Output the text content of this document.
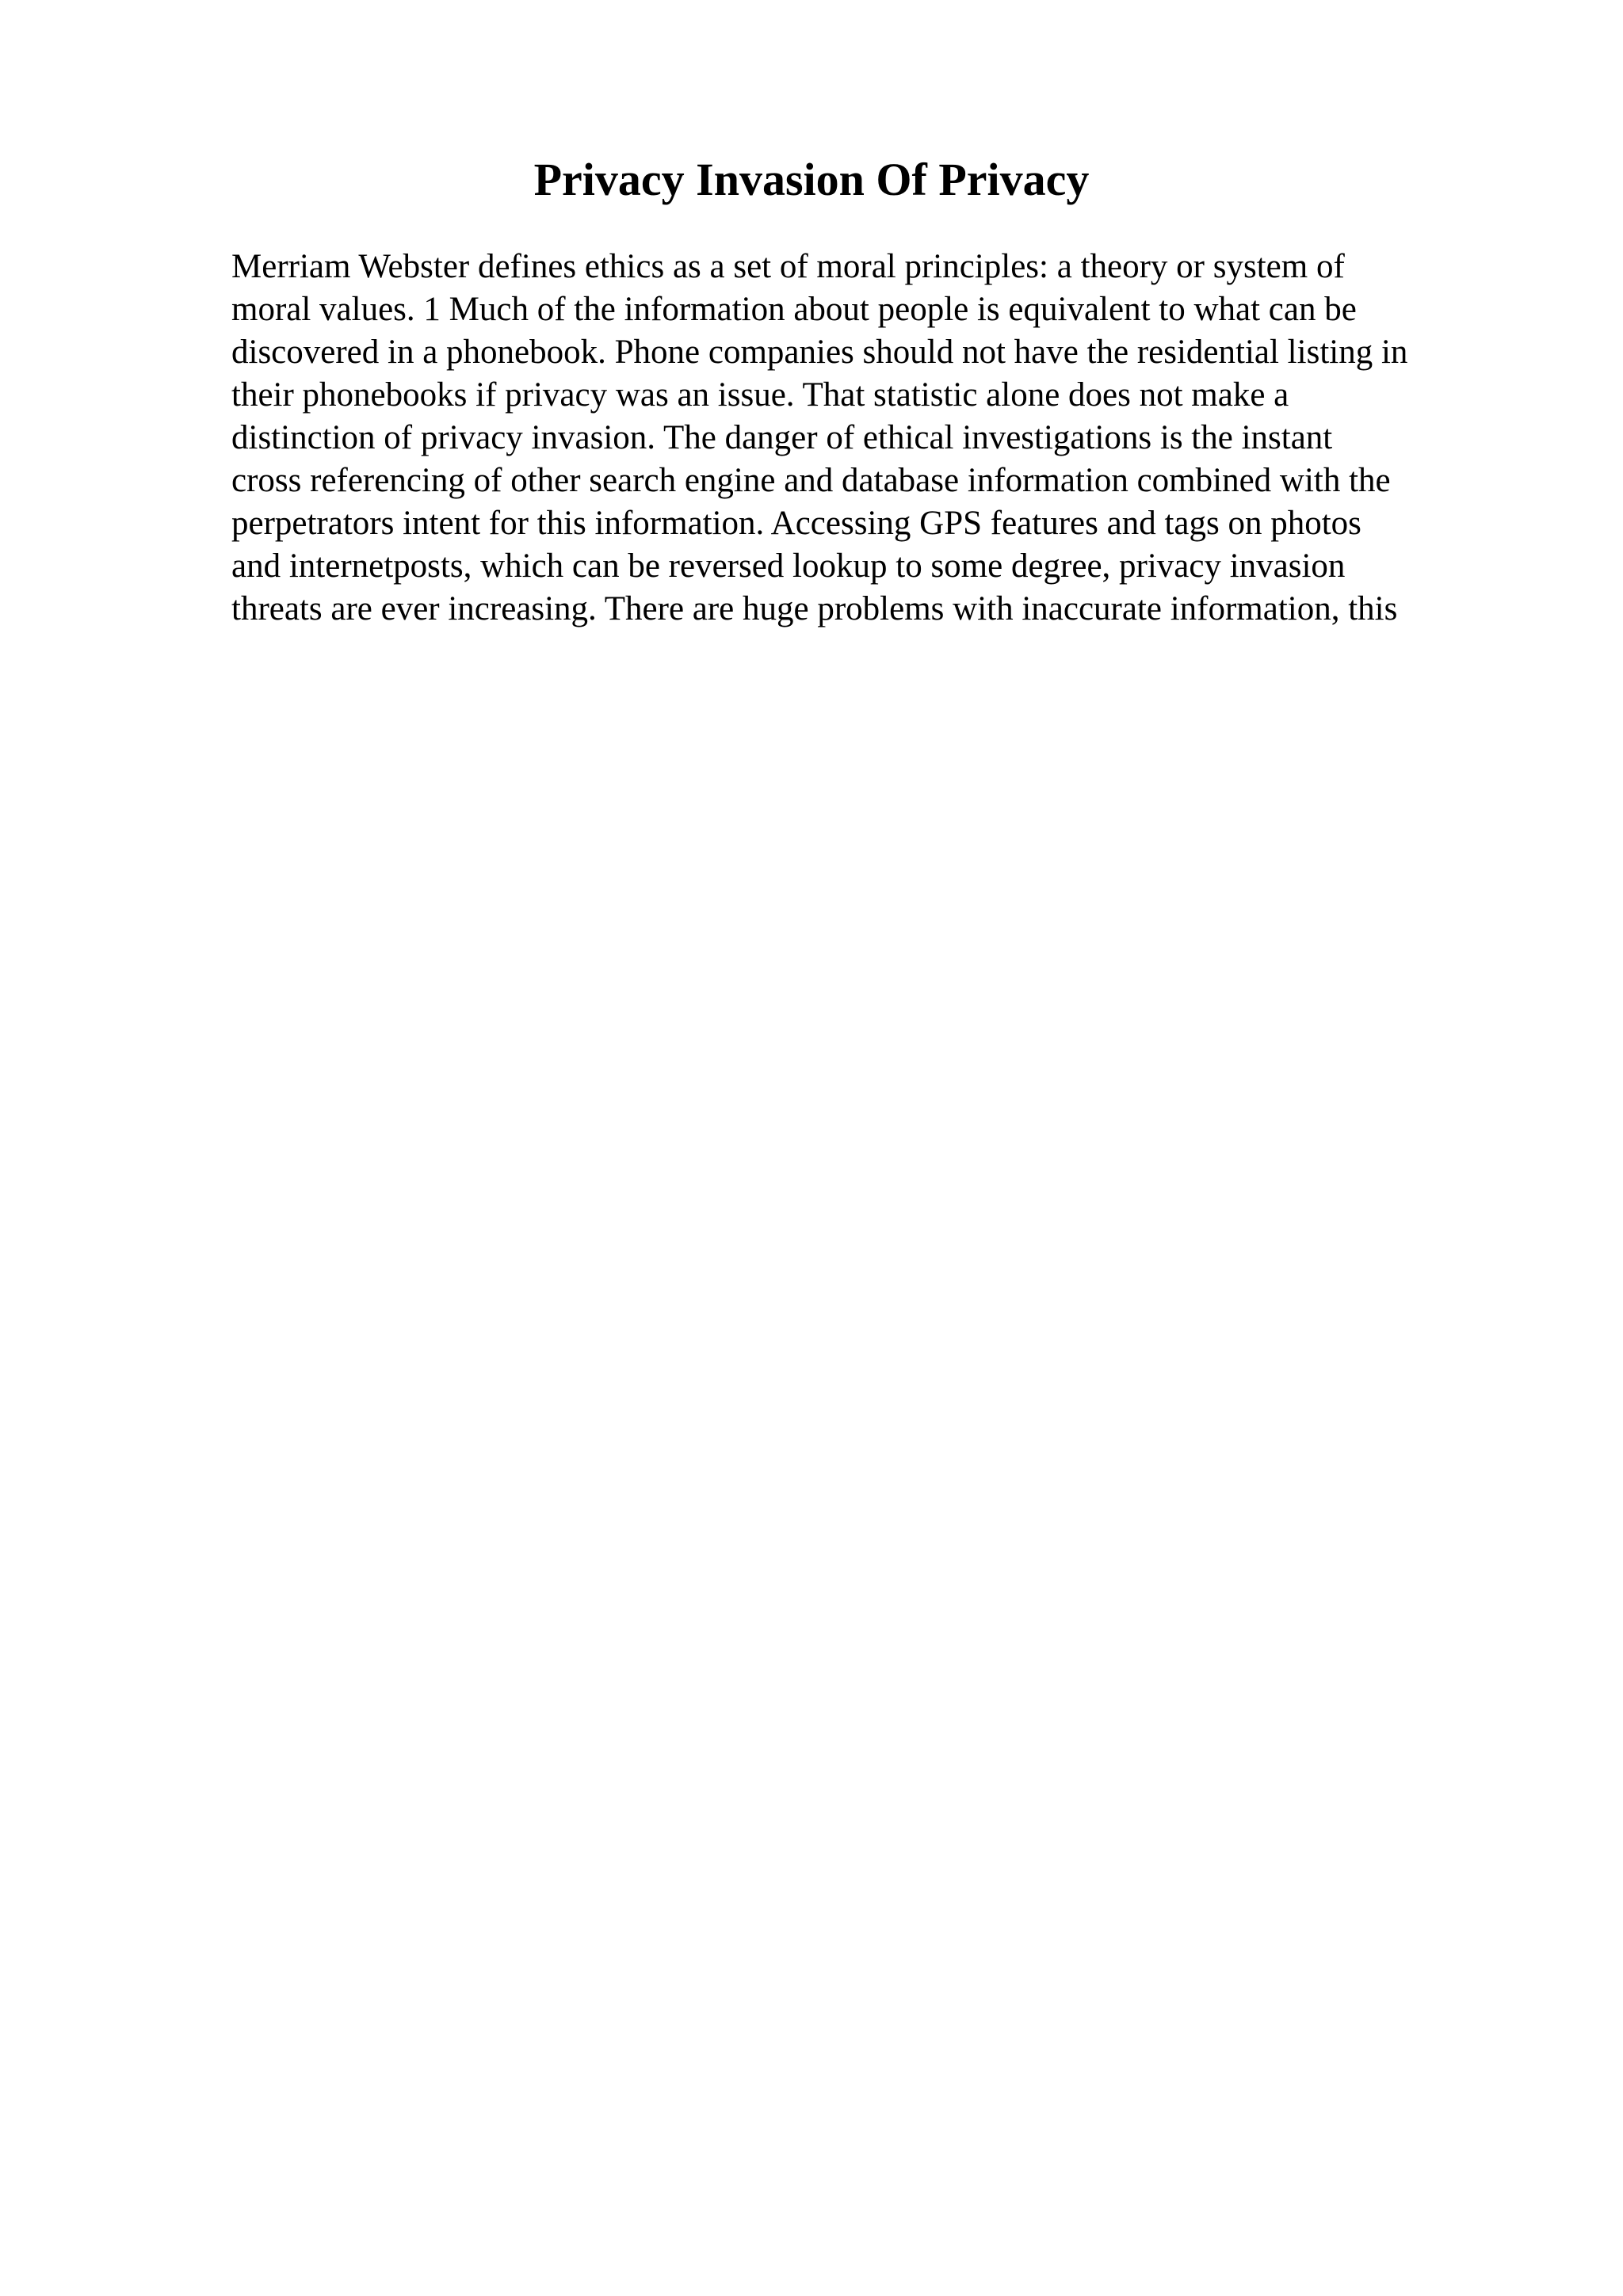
Privacy Invasion Of Privacy
Merriam Webster defines ethics as a set of moral principles: a theory or system of
moral values. 1 Much of the information about people is equivalent to what can be
discovered in a phonebook. Phone companies should not have the residential listing in
their phonebooks if privacy was an issue. That statistic alone does not make a
distinction of privacy invasion. The danger of ethical investigations is the instant
cross referencing of other search engine and database information combined with the
perpetrators intent for this information. Accessing GPS features and tags on photos
and internetposts, which can be reversed lookup to some degree, privacy invasion
threats are ever increasing. There are huge problems with inaccurate information, this
